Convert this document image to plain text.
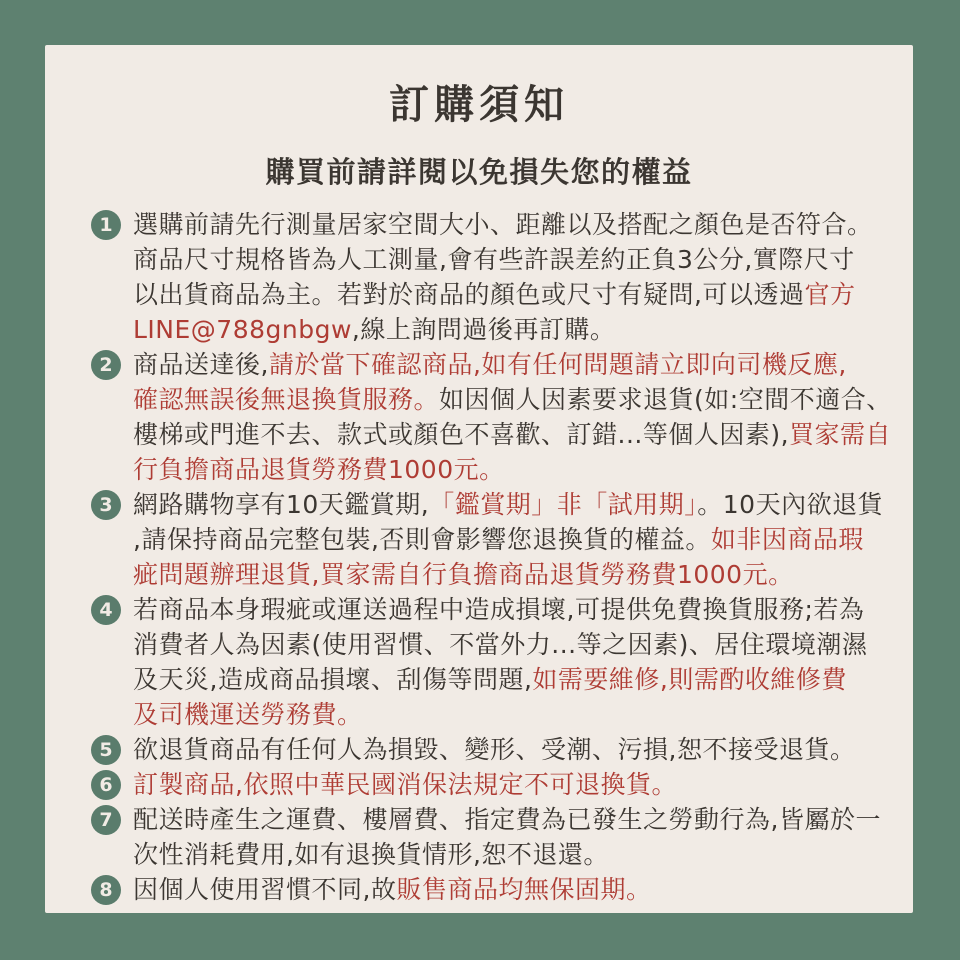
訂購須知
購買前請詳閱以免損失您的權益
1 選購前請先行測量居家空間大小、距離以及搭配之顏色是否符合。
商品尺寸規格皆為人工測量,會有些許誤差約正負3公分,實際尺寸
以出貨商品為主。若對於商品的顏色或尺寸有疑問,可以透過官方
LINE@788gnbgw,線上詢問過後再訂購。
2 商品送達後,請於當下確認商品,如有任何問題請立即向司機反應,
確認無誤後無退換貨服務。如因個人因素要求退貨(如:空間不適合、
樓梯或門進不去、款式或顏色不喜歡、訂錯...等個人因素),買家需自
行負擔商品退貨勞務費1000元。
3 網路購物享有10天鑑賞期,「鑑賞期」非「試用期」。10天內欲退貨
,請保持商品完整包裝,否則會影響您退換貨的權益。如非因商品瑕
疵問題辦理退貨,買家需自行負擔商品退貨勞務費1000元。
4 若商品本身瑕疵或運送過程中造成損壞,可提供免費換貨服務;若為
消費者人為因素(使用習慣、不當外力...等之因素)、居住環境潮濕
及天災,造成商品損壞、刮傷等問題,如需要維修,則需酌收維修費
及司機運送勞務費。
5 欲退貨商品有任何人為損毀、變形、受潮、污損,恕不接受退貨。
6 訂製商品,依照中華民國消保法規定不可退換貨。
7 配送時產生之運費、樓層費、指定費為已發生之勞動行為,皆屬於一
次性消耗費用,如有退換貨情形,恕不退還。
8 因個人使用習慣不同,故販售商品均無保固期。
